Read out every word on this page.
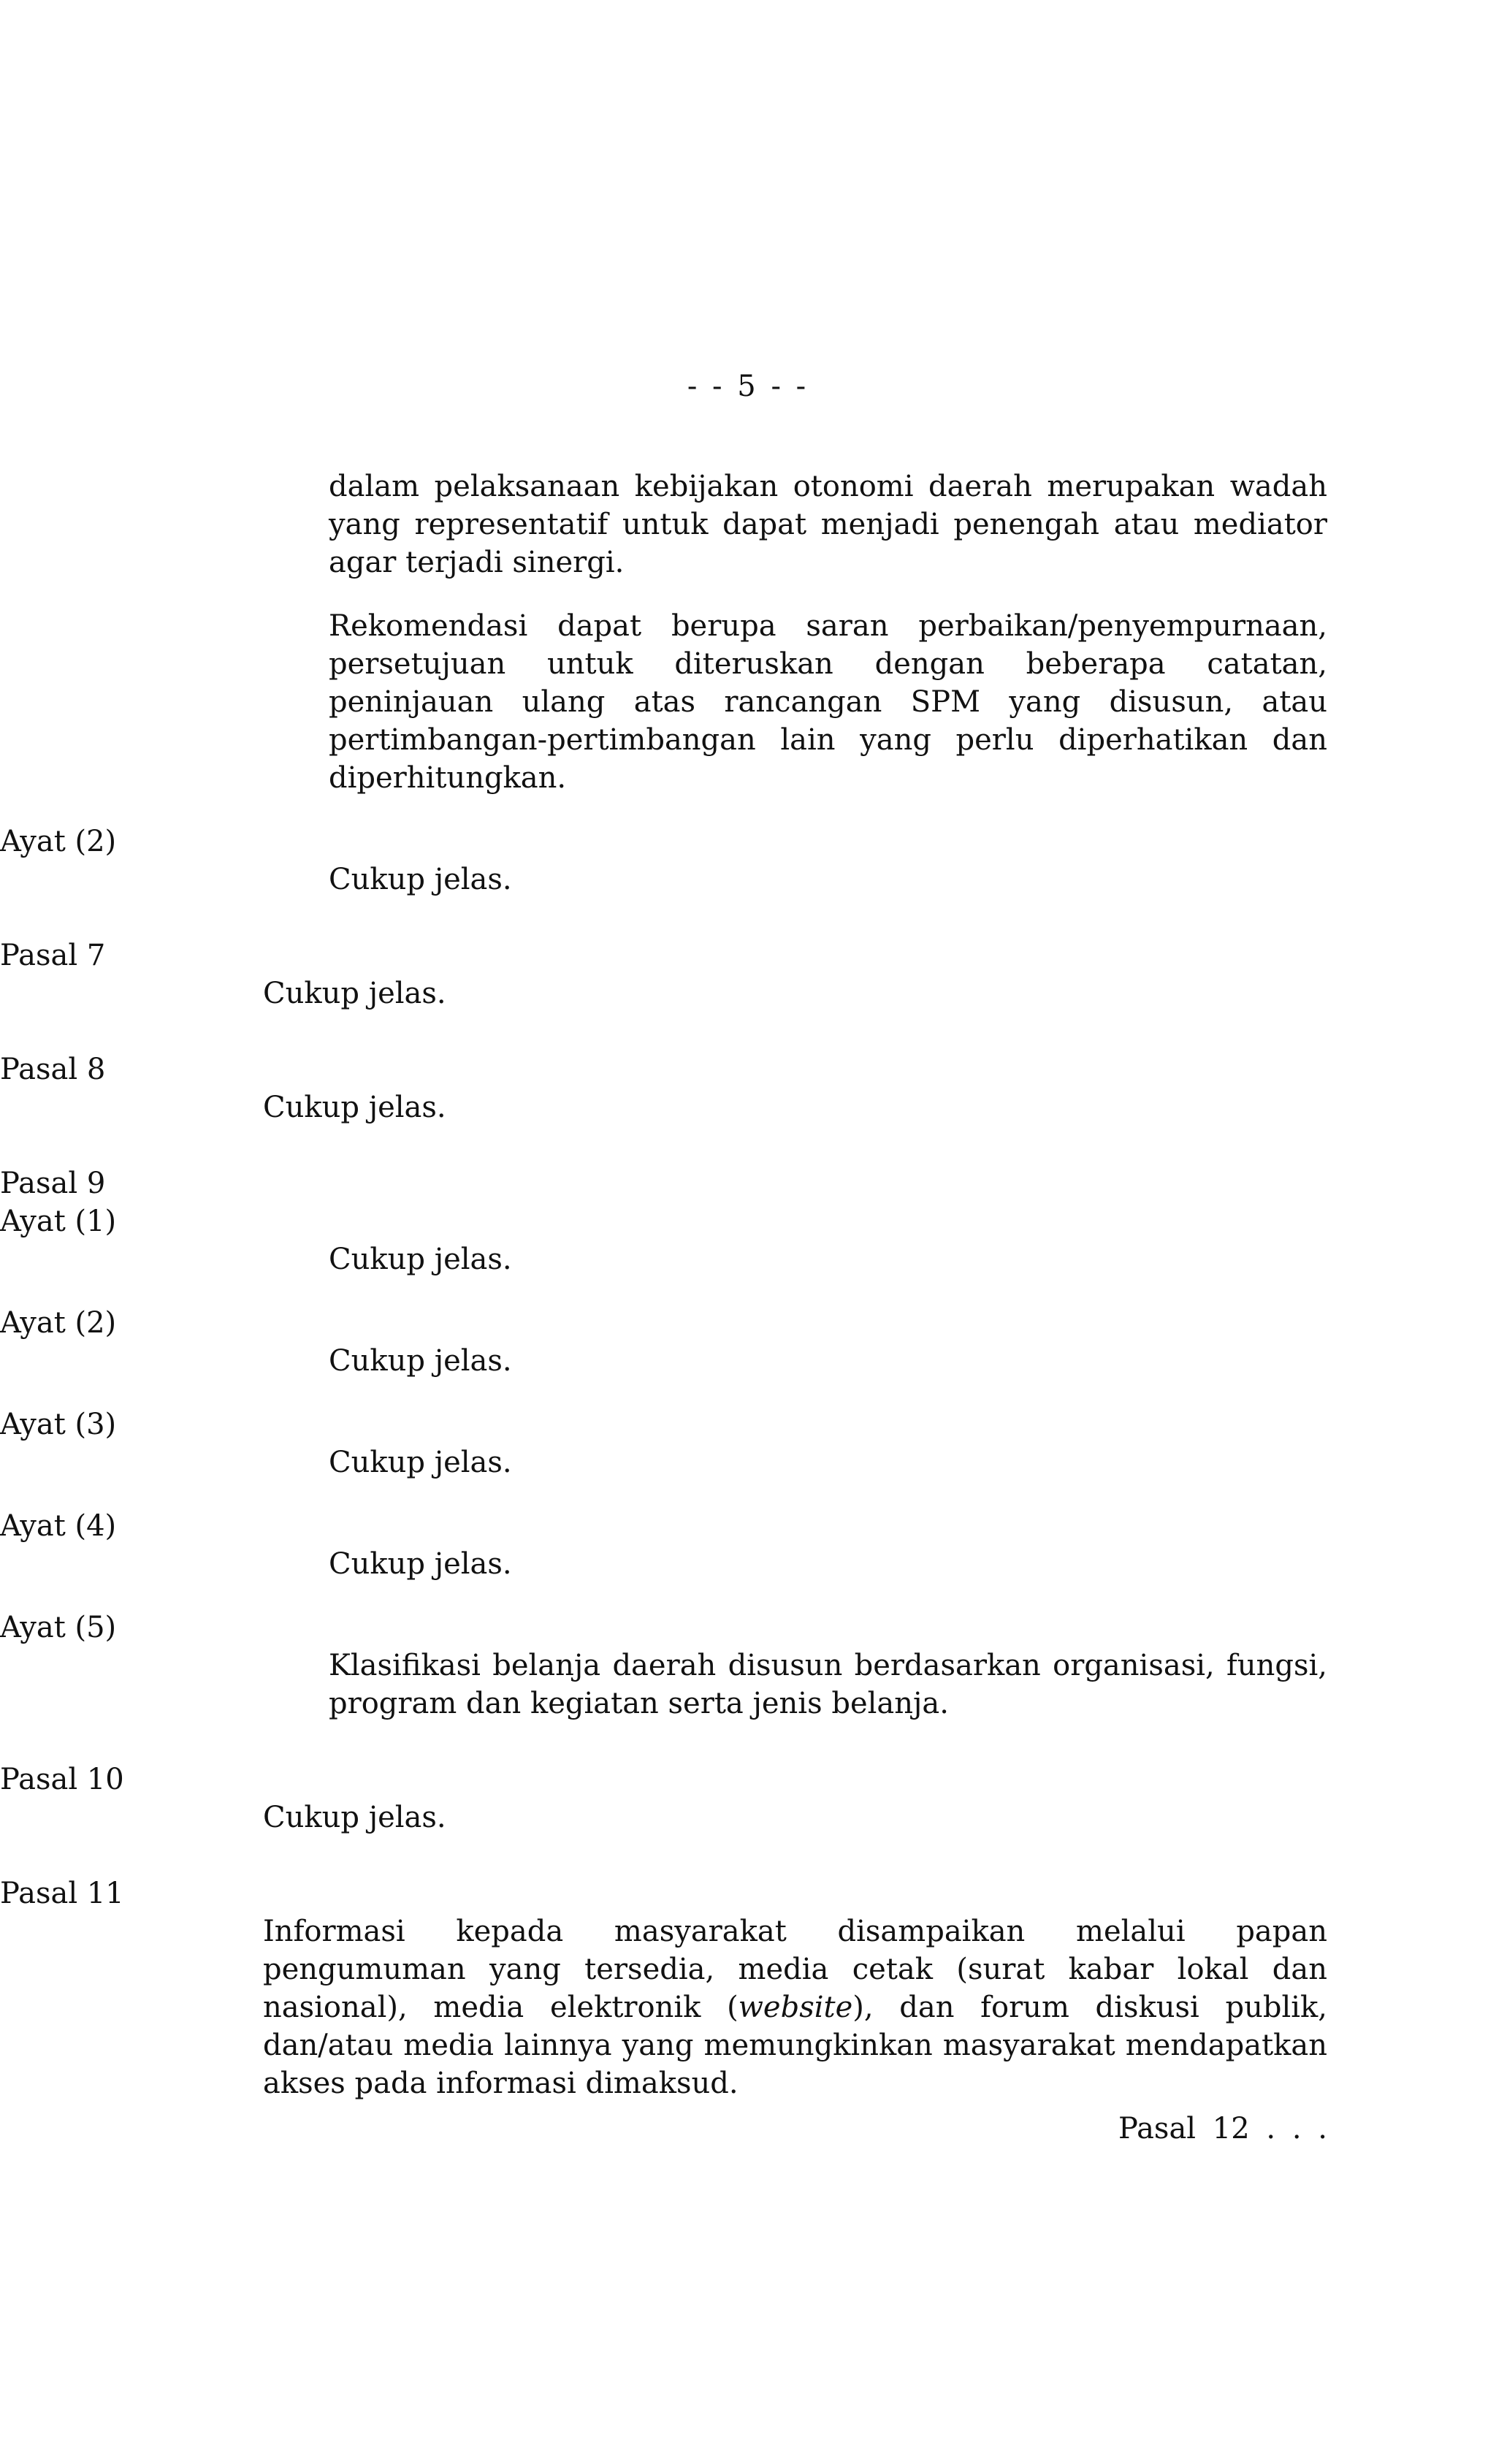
- - 5 - -

dalam pelaksanaan kebijakan otonomi daerah merupakan wadah yang representatif untuk dapat menjadi penengah atau mediator agar terjadi sinergi.

Rekomendasi dapat berupa saran perbaikan/penyempurnaan, persetujuan untuk diteruskan dengan beberapa catatan, peninjauan ulang atas rancangan SPM yang disusun, atau pertimbangan-pertimbangan lain yang perlu diperhatikan dan diperhitungkan.

Ayat (2)

Cukup jelas.

Pasal 7

Cukup jelas.

Pasal 8

Cukup jelas.

Pasal 9

Ayat (1)

Cukup jelas.

Ayat (2)

Cukup jelas.

Ayat (3)

Cukup jelas.

Ayat (4)

Cukup jelas.

Ayat (5)

Klasifikasi belanja daerah disusun berdasarkan organisasi, fungsi, program dan kegiatan serta jenis belanja.

Pasal 10

Cukup jelas.

Pasal 11

Informasi kepada masyarakat disampaikan melalui papan pengumuman yang tersedia, media cetak (surat kabar lokal dan nasional), media elektronik (website), dan forum diskusi publik, dan/atau media lainnya yang memungkinkan masyarakat mendapatkan akses pada informasi dimaksud.

Pasal 12 . . .
